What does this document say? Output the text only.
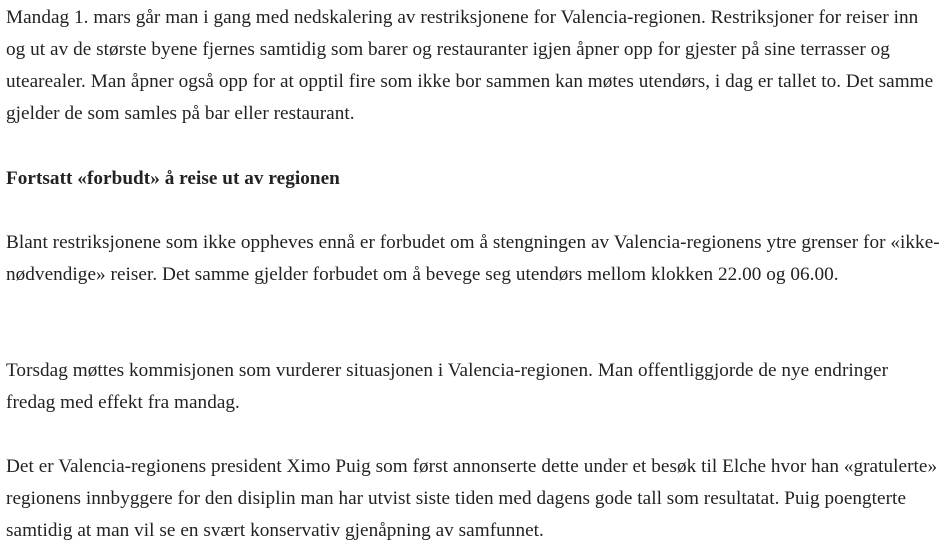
Mandag 1. mars går man i gang med nedskalering av restriksjonene for Valencia-regionen. Restriksjoner for reiser inn og ut av de største byene fjernes samtidig som barer og restauranter igjen åpner opp for gjester på sine terrasser og utearealer. Man åpner også opp for at opptil fire som ikke bor sammen kan møtes utendørs, i dag er tallet to. Det samme gjelder de som samles på bar eller restaurant.

Fortsatt «forbudt» å reise ut av regionen

Blant restriksjonene som ikke oppheves ennå er forbudet om å stengningen av Valencia-regionens ytre grenser for «ikke-nødvendige» reiser. Det samme gjelder forbudet om å bevege seg utendørs mellom klokken 22.00 og 06.00.

Torsdag møttes kommisjonen som vurderer situasjonen i Valencia-regionen. Man offentliggjorde de nye endringer fredag med effekt fra mandag.

Det er Valencia-regionens president Ximo Puig som først annonserte dette under et besøk til Elche hvor han «gratulerte» regionens innbyggere for den disiplin man har utvist siste tiden med dagens gode tall som resultatat. Puig poengterte samtidig at man vil se en svært konservativ gjenåpning av samfunnet.
